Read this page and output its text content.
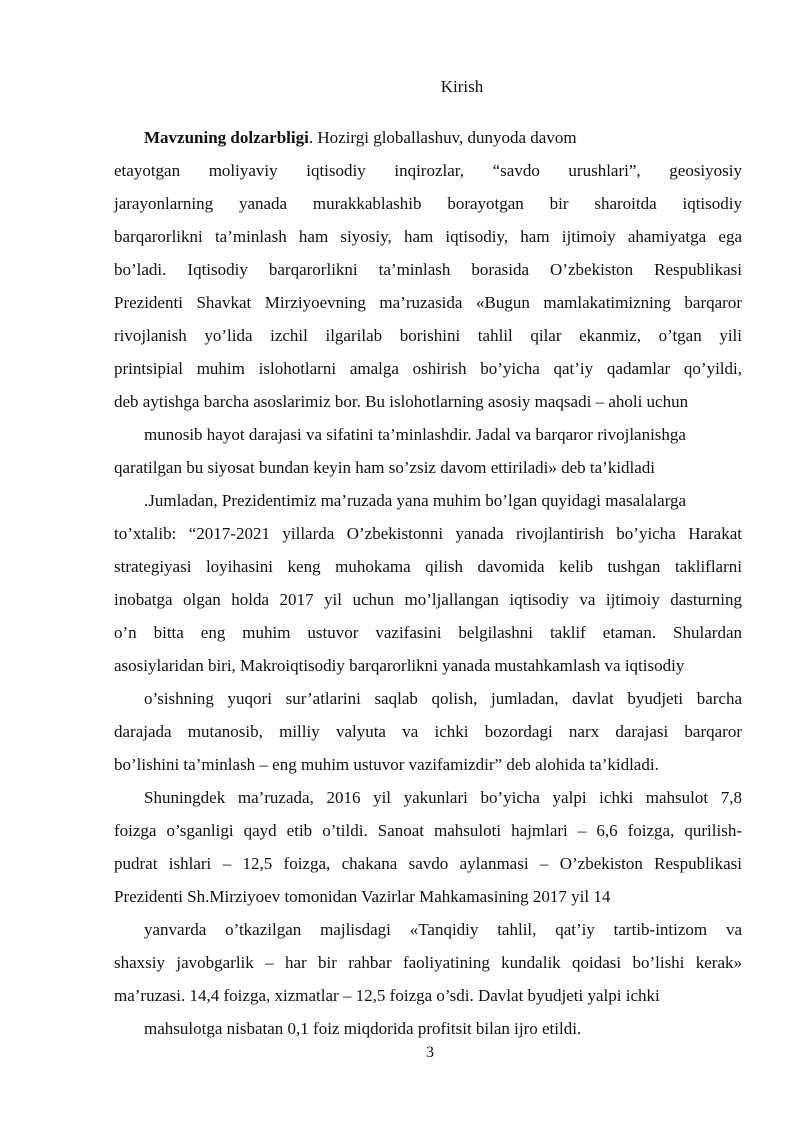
Kirish
Mavzuning dolzarbligi. Hozirgi globallashuv, dunyoda davom
etayotgan moliyaviy iqtisodiy inqirozlar, “savdo urushlari”, geosiyosiy
jarayonlarning yanada murakkablashib borayotgan bir sharoitda iqtisodiy
barqarorlikni ta’minlash ham siyosiy, ham iqtisodiy, ham ijtimoiy ahamiyatga ega
bo’ladi. Iqtisodiy barqarorlikni ta’minlash borasida O’zbekiston Respublikasi
Prezidenti Shavkat Mirziyoevning ma’ruzasida «Bugun mamlakatimizning barqaror
rivojlanish yo’lida izchil ilgarilab borishini tahlil qilar ekanmiz, o’tgan yili
printsipial muhim islohotlarni amalga oshirish bo’yicha qat’iy qadamlar qo’yildi,
deb aytishga barcha asoslarimiz bor. Bu islohotlarning asosiy maqsadi – aholi uchun
munosib hayot darajasi va sifatini ta’minlashdir. Jadal va barqaror rivojlanishga
qaratilgan bu siyosat bundan keyin ham so’zsiz davom ettiriladi» deb ta’kidladi
.Jumladan, Prezidentimiz ma’ruzada yana muhim bo’lgan quyidagi masalalarga
to’xtalib: “2017-2021 yillarda O’zbekistonni yanada rivojlantirish bo’yicha Harakat
strategiyasi loyihasini keng muhokama qilish davomida kelib tushgan takliflarni
inobatga olgan holda 2017 yil uchun mo’ljallangan iqtisodiy va ijtimoiy dasturning
o’n bitta eng muhim ustuvor vazifasini belgilashni taklif etaman. Shulardan
asosiylaridan biri, Makroiqtisodiy barqarorlikni yanada mustahkamlash va iqtisodiy
o’sishning yuqori sur’atlarini saqlab qolish, jumladan, davlat byudjeti barcha
darajada mutanosib, milliy valyuta va ichki bozordagi narx darajasi barqaror
bo’lishini ta’minlash – eng muhim ustuvor vazifamizdir” deb alohida ta’kidladi.
Shuningdek ma’ruzada, 2016 yil yakunlari bo’yicha yalpi ichki mahsulot 7,8
foizga o’sganligi qayd etib o’tildi. Sanoat mahsuloti hajmlari – 6,6 foizga, qurilish-
pudrat ishlari – 12,5 foizga, chakana savdo aylanmasi – O’zbekiston Respublikasi
Prezidenti Sh.Mirziyoev tomonidan Vazirlar Mahkamasining 2017 yil 14
yanvarda o’tkazilgan majlisdagi «Tanqidiy tahlil, qat’iy tartib-intizom va
shaxsiy javobgarlik – har bir rahbar faoliyatining kundalik qoidasi bo’lishi kerak»
ma’ruzasi. 14,4 foizga, xizmatlar – 12,5 foizga o’sdi. Davlat byudjeti yalpi ichki
mahsulotga nisbatan 0,1 foiz miqdorida profitsit bilan ijro etildi.
3
